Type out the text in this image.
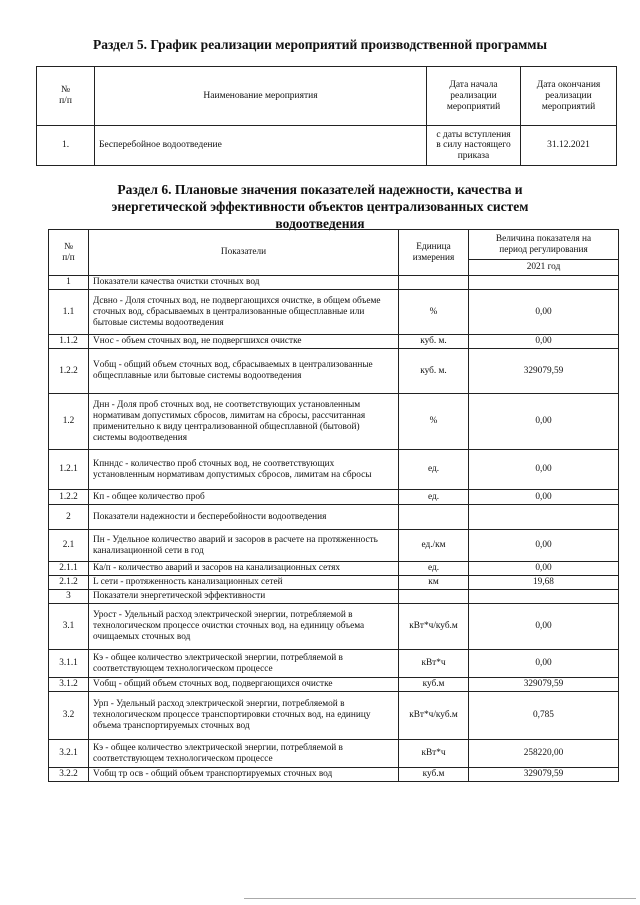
Раздел 5. График реализации мероприятий производственной программы
№
п/п	Наименование мероприятия	Дата начала
реализации
мероприятий	Дата окончания
реализации
мероприятий
1.	Бесперебойное водоотведение	с даты вступления
в силу настоящего
приказа	31.12.2021
Раздел 6. Плановые значения показателей надежности, качества и энергетической эффективности объектов централизованных систем водоотведения
№
п/п	Показатели	Единица
измерения	Величина показателя на
период регулирования
			2021 год
1	Показатели качества очистки сточных вод		
1.1	Дсвно - Доля сточных вод, не подвергающихся очистке, в общем объеме сточных вод, сбрасываемых в централизованные общесплавные или бытовые системы водоотведения	%	0,00
1.1.2	Vнос - объем сточных вод, не подвергшихся очистке	куб. м.	0,00
1.2.2	Vобщ - общий объем сточных вод, сбрасываемых в централизованные общесплавные или бытовые системы водоотведения	куб. м.	329079,59
1.2	Днн - Доля проб сточных вод, не соответствующих установленным нормативам допустимых сбросов, лимитам на сбросы, рассчитанная применительно к виду централизованной общесплавной (бытовой) системы водоотведения	%	0,00
1.2.1	Кпнндс - количество проб сточных вод, не соответствующих установленным нормативам допустимых сбросов, лимитам на сбросы	ед.	0,00
1.2.2	Кп - общее количество проб	ед.	0,00
2	Показатели надежности и бесперебойности водоотведения		
2.1	Пн - Удельное количество аварий и засоров в расчете на протяженность канализационной сети в год	ед./км	0,00
2.1.1	Ка/п - количество аварий и засоров на канализационных сетях	ед.	0,00
2.1.2	L сети - протяженность канализационных сетей	км	19,68
3	Показатели энергетической эффективности		
3.1	Урост - Удельный расход электрической энергии, потребляемой в технологическом процессе очистки сточных вод, на единицу объема очищаемых сточных вод	кВт*ч/куб.м	0,00
3.1.1	Кэ - общее количество электрической энергии, потребляемой в соответствующем технологическом процессе	кВт*ч	0,00
3.1.2	Vобщ - общий объем сточных вод, подвергающихся очистке	куб.м	329079,59
3.2	Урп - Удельный расход электрической энергии, потребляемой в технологическом процессе транспортировки сточных вод, на единицу объема транспортируемых сточных вод	кВт*ч/куб.м	0,785
3.2.1	Кэ - общее количество электрической энергии, потребляемой в соответствующем технологическом процессе	кВт*ч	258220,00
3.2.2	Vобщ тр осв - общий объем транспортируемых сточных вод	куб.м	329079,59
